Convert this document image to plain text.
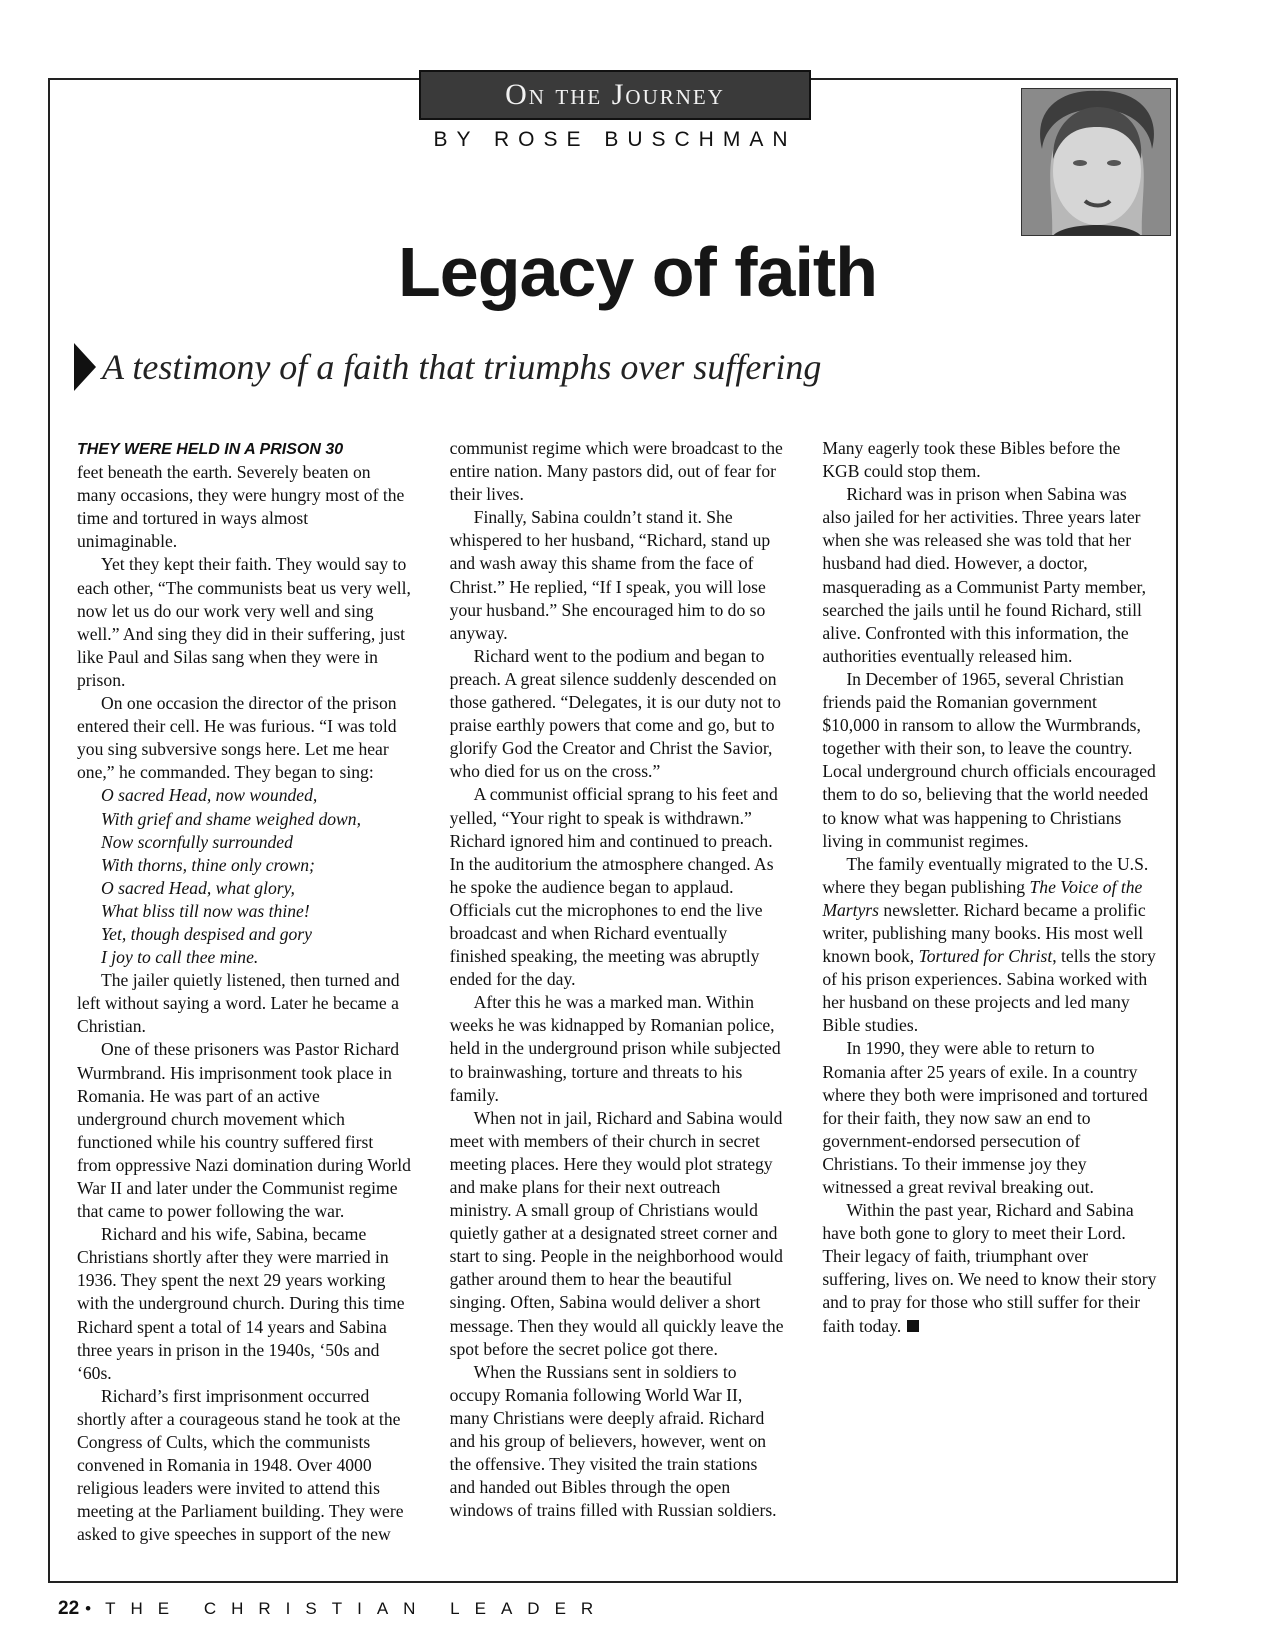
On the Journey
BY ROSE BUSCHMAN
Legacy of faith
A testimony of a faith that triumphs over suffering

THEY WERE HELD IN A PRISON 30
feet beneath the earth. Severely beaten on many occasions, they were hungry most of the time and tortured in ways almost unimaginable.

Yet they kept their faith. They would say to each other, “The communists beat us very well, now let us do our work very well and sing well.” And sing they did in their suffering, just like Paul and Silas sang when they were in prison.

On one occasion the director of the prison entered their cell. He was furious. “I was told you sing subversive songs here. Let me hear one,” he commanded. They began to sing:

O sacred Head, now wounded,
With grief and shame weighed down,
Now scornfully surrounded
With thorns, thine only crown;
O sacred Head, what glory,
What bliss till now was thine!
Yet, though despised and gory
I joy to call thee mine.

The jailer quietly listened, then turned and left without saying a word. Later he became a Christian.

One of these prisoners was Pastor Richard Wurmbrand. His imprisonment took place in Romania. He was part of an active underground church movement which functioned while his country suffered first from oppressive Nazi domination during World War II and later under the Communist regime that came to power following the war.

Richard and his wife, Sabina, became Christians shortly after they were married in 1936. They spent the next 29 years working with the underground church. During this time Richard spent a total of 14 years and Sabina three years in prison in the 1940s, ‘50s and ‘60s.

Richard’s first imprisonment occurred shortly after a courageous stand he took at the Congress of Cults, which the communists convened in Romania in 1948. Over 4000 religious leaders were invited to attend this meeting at the Parliament building. They were asked to give speeches in support of the new communist regime which were broadcast to the entire nation. Many pastors did, out of fear for their lives.

Finally, Sabina couldn’t stand it. She whispered to her husband, “Richard, stand up and wash away this shame from the face of Christ.” He replied, “If I speak, you will lose your husband.” She encouraged him to do so anyway.

Richard went to the podium and began to preach. A great silence suddenly descended on those gathered. “Delegates, it is our duty not to praise earthly powers that come and go, but to glorify God the Creator and Christ the Savior, who died for us on the cross.”

A communist official sprang to his feet and yelled, “Your right to speak is withdrawn.” Richard ignored him and continued to preach. In the auditorium the atmosphere changed. As he spoke the audience began to applaud. Officials cut the microphones to end the live broadcast and when Richard eventually finished speaking, the meeting was abruptly ended for the day.

After this he was a marked man. Within weeks he was kidnapped by Romanian police, held in the underground prison while subjected to brainwashing, torture and threats to his family.

When not in jail, Richard and Sabina would meet with members of their church in secret meeting places. Here they would plot strategy and make plans for their next outreach ministry. A small group of Christians would quietly gather at a designated street corner and start to sing. People in the neighborhood would gather around them to hear the beautiful singing. Often, Sabina would deliver a short message. Then they would all quickly leave the spot before the secret police got there.

When the Russians sent in soldiers to occupy Romania following World War II, many Christians were deeply afraid. Richard and his group of believers, however, went on the offensive. They visited the train stations and handed out Bibles through the open windows of trains filled with Russian soldiers. Many eagerly took these Bibles before the KGB could stop them.

Richard was in prison when Sabina was also jailed for her activities. Three years later when she was released she was told that her husband had died. However, a doctor, masquerading as a Communist Party member, searched the jails until he found Richard, still alive. Confronted with this information, the authorities eventually released him.

In December of 1965, several Christian friends paid the Romanian government $10,000 in ransom to allow the Wurmbrands, together with their son, to leave the country. Local underground church officials encouraged them to do so, believing that the world needed to know what was happening to Christians living in communist regimes.

The family eventually migrated to the U.S. where they began publishing The Voice of the Martyrs newsletter. Richard became a prolific writer, publishing many books. His most well known book, Tortured for Christ, tells the story of his prison experiences. Sabina worked with her husband on these projects and led many Bible studies.

In 1990, they were able to return to Romania after 25 years of exile. In a country where they both were imprisoned and tortured for their faith, they now saw an end to government-endorsed persecution of Christians. To their immense joy they witnessed a great revival breaking out.

Within the past year, Richard and Sabina have both gone to glory to meet their Lord. Their legacy of faith, triumphant over suffering, lives on. We need to know their story and to pray for those who still suffer for their faith today.

22 • THE CHRISTIAN LEADER
